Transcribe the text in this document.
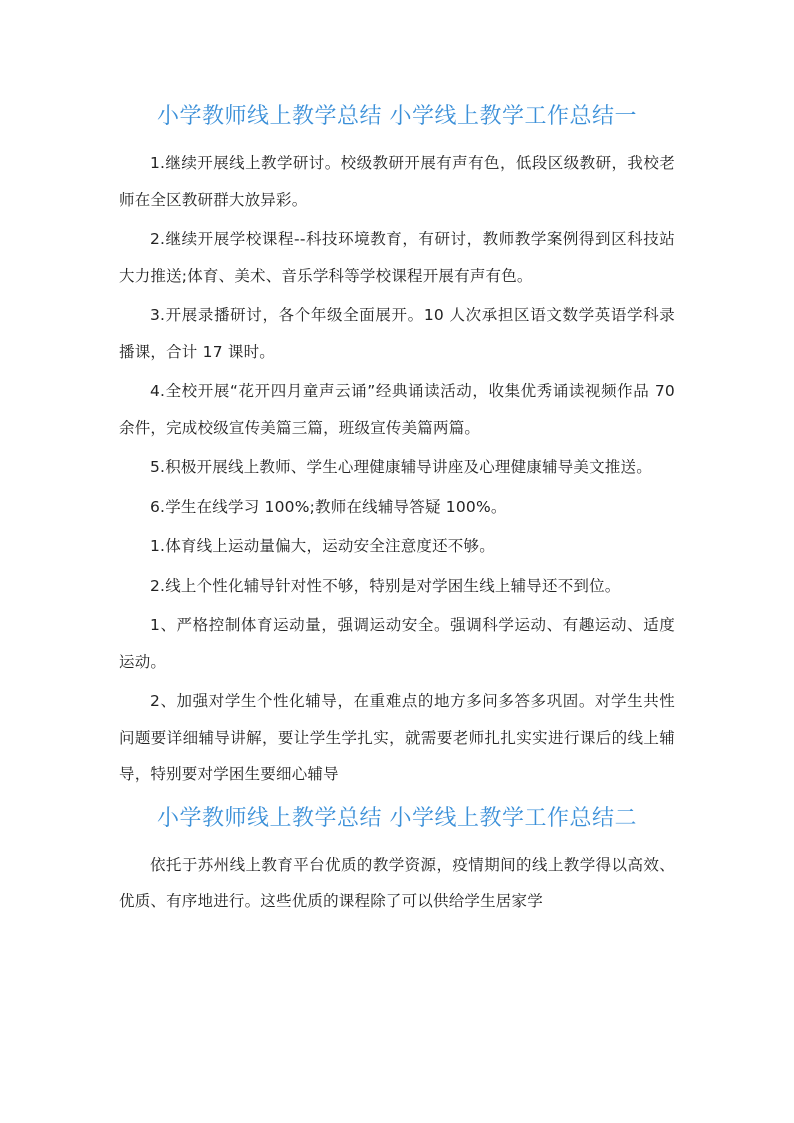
小学教师线上教学总结 小学线上教学工作总结一

1.继续开展线上教学研讨。校级教研开展有声有色，低段区级教研，我校老师在全区教研群大放异彩。

2.继续开展学校课程--科技环境教育，有研讨，教师教学案例得到区科技站大力推送;体育、美术、音乐学科等学校课程开展有声有色。

3.开展录播研讨，各个年级全面展开。10 人次承担区语文数学英语学科录播课，合计 17 课时。

4.全校开展“花开四月童声云诵”经典诵读活动，收集优秀诵读视频作品 70 余件，完成校级宣传美篇三篇，班级宣传美篇两篇。

5.积极开展线上教师、学生心理健康辅导讲座及心理健康辅导美文推送。

6.学生在线学习 100%;教师在线辅导答疑 100%。

1.体育线上运动量偏大，运动安全注意度还不够。

2.线上个性化辅导针对性不够，特别是对学困生线上辅导还不到位。

1、严格控制体育运动量，强调运动安全。强调科学运动、有趣运动、适度运动。

2、加强对学生个性化辅导，在重难点的地方多问多答多巩固。对学生共性问题要详细辅导讲解，要让学生学扎实，就需要老师扎扎实实进行课后的线上辅导，特别要对学困生要细心辅导

小学教师线上教学总结 小学线上教学工作总结二

依托于苏州线上教育平台优质的教学资源，疫情期间的线上教学得以高效、优质、有序地进行。这些优质的课程除了可以供给学生居家学
